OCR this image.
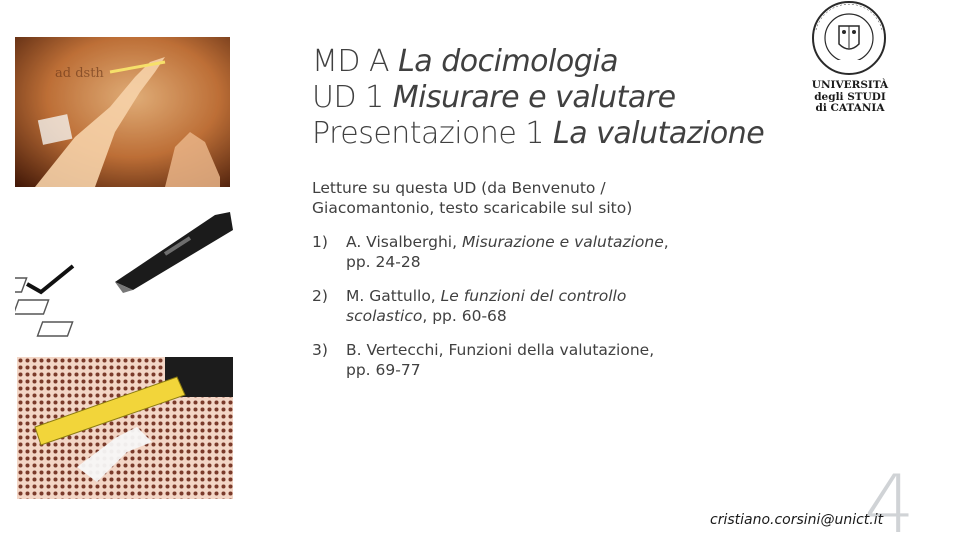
ad dsth	MD A La docimologia
UD 1 Misurare e valutare
Presentazione 1 La valutazione
Letture su questa UD (da Benvenuto / Giacomantonio, testo scaricabile sul sito)
1) A. Visalberghi, Misurazione e valutazione, pp. 24-28
2) M. Gattullo, Le funzioni del controllo scolastico, pp. 60-68
3) B. Vertecchi, Funzioni della valutazione, pp. 69-77
UNIVERSITÀ
degli STUDI
di CATANIA
4
cristiano.corsini@unict.it
